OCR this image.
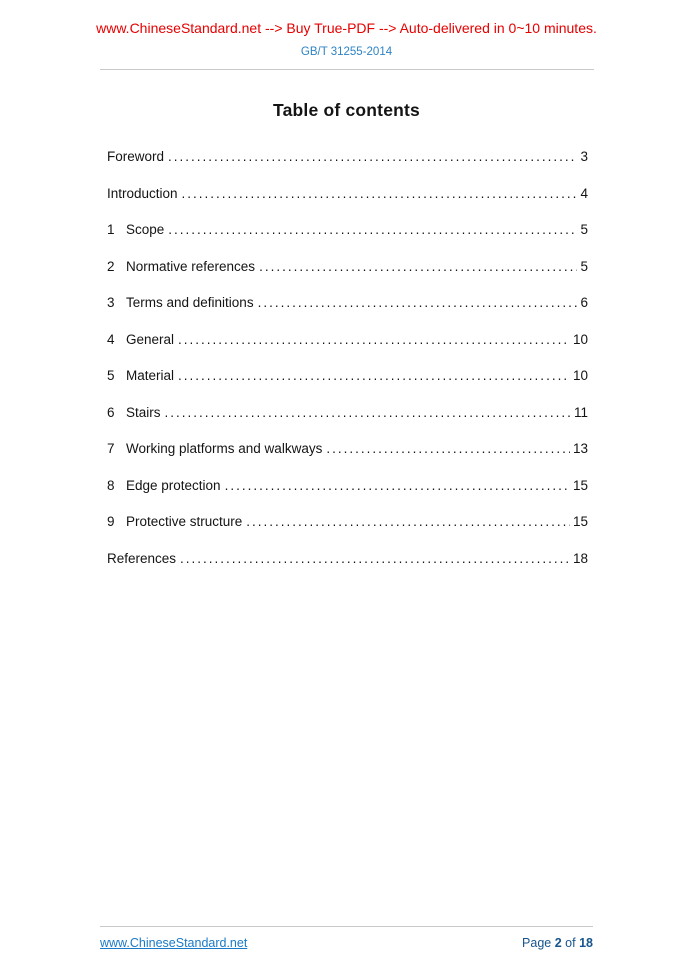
www.ChineseStandard.net --> Buy True-PDF --> Auto-delivered in 0~10 minutes.
GB/T 31255-2014
Table of contents
Foreword .....	3
Introduction .....	4
1 Scope .....	5
2 Normative references .....	5
3 Terms and definitions .....	6
4 General .....	10
5 Material .....	10
6 Stairs .....	11
7 Working platforms and walkways .....	13
8 Edge protection .....	15
9 Protective structure .....	15
References .....	18
www.ChineseStandard.net	Page 2 of 18
